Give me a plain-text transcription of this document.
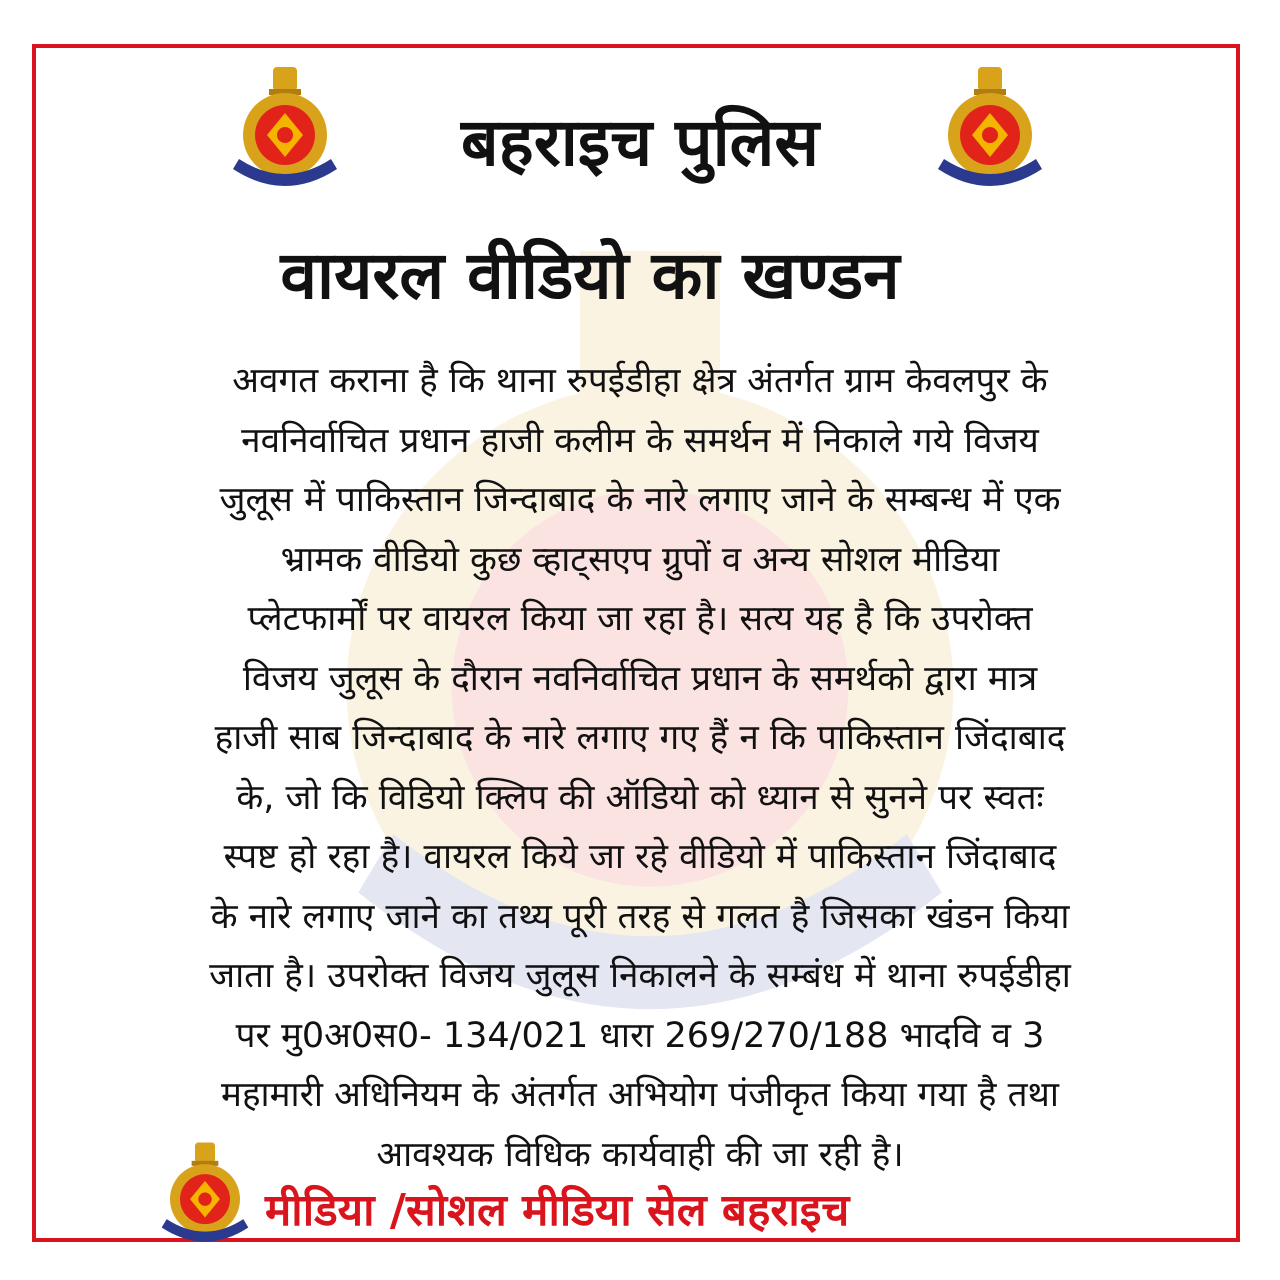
बहराइच पुलिस
वायरल वीडियो का खण्डन
अवगत कराना है कि थाना रुपईडीहा क्षेत्र अंतर्गत ग्राम केवलपुर के
नवनिर्वाचित प्रधान हाजी कलीम के समर्थन में निकाले गये विजय
जुलूस में पाकिस्तान जिन्दाबाद के नारे लगाए जाने के सम्बन्ध में एक
भ्रामक वीडियो कुछ व्हाट्सएप ग्रुपों व अन्य सोशल मीडिया
प्लेटफार्मों पर वायरल किया जा रहा है। सत्य यह है कि उपरोक्त
विजय जुलूस के दौरान नवनिर्वाचित प्रधान के समर्थको द्वारा मात्र
हाजी साब जिन्दाबाद के नारे लगाए गए हैं न कि पाकिस्तान जिंदाबाद
के, जो कि विडियो क्लिप की ऑडियो को ध्यान से सुनने पर स्वतः
स्पष्ट हो रहा है। वायरल किये जा रहे वीडियो में पाकिस्तान जिंदाबाद
के नारे लगाए जाने का तथ्य पूरी तरह से गलत है जिसका खंडन किया
जाता है। उपरोक्त विजय जुलूस निकालने के सम्बंध में थाना रुपईडीहा
पर मु0अ0स0- 134/021 धारा 269/270/188 भादवि व 3
महामारी अधिनियम के अंतर्गत अभियोग पंजीकृत किया गया है तथा
आवश्यक विधिक कार्यवाही की जा रही है।
मीडिया /सोशल मीडिया सेल बहराइच
